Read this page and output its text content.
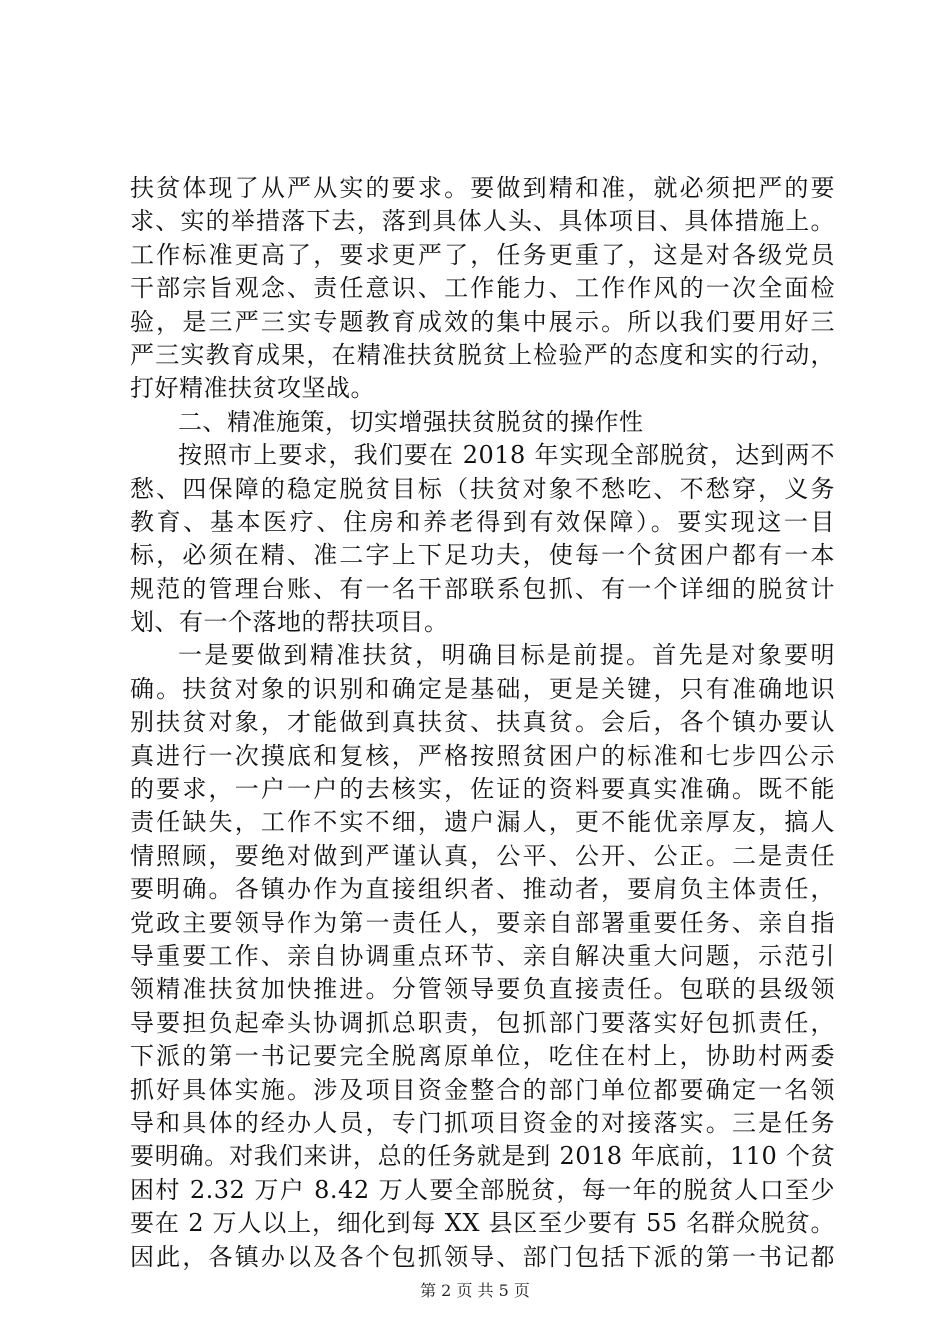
扶贫体现了从严从实的要求。要做到精和准，就必须把严的要
求、实的举措落下去，落到具体人头、具体项目、具体措施上。
工作标准更高了，要求更严了，任务更重了，这是对各级党员
干部宗旨观念、责任意识、工作能力、工作作风的一次全面检
验，是三严三实专题教育成效的集中展示。所以我们要用好三
严三实教育成果，在精准扶贫脱贫上检验严的态度和实的行动，
打好精准扶贫攻坚战。
二、精准施策，切实增强扶贫脱贫的操作性
按照市上要求，我们要在 2018 年实现全部脱贫，达到两不
愁、四保障的稳定脱贫目标（扶贫对象不愁吃、不愁穿，义务
教育、基本医疗、住房和养老得到有效保障）。要实现这一目
标，必须在精、准二字上下足功夫，使每一个贫困户都有一本
规范的管理台账、有一名干部联系包抓、有一个详细的脱贫计
划、有一个落地的帮扶项目。
一是要做到精准扶贫，明确目标是前提。首先是对象要明
确。扶贫对象的识别和确定是基础，更是关键，只有准确地识
别扶贫对象，才能做到真扶贫、扶真贫。会后，各个镇办要认
真进行一次摸底和复核，严格按照贫困户的标准和七步四公示
的要求，一户一户的去核实，佐证的资料要真实准确。既不能
责任缺失，工作不实不细，遗户漏人，更不能优亲厚友，搞人
情照顾，要绝对做到严谨认真，公平、公开、公正。二是责任
要明确。各镇办作为直接组织者、推动者，要肩负主体责任，
党政主要领导作为第一责任人，要亲自部署重要任务、亲自指
导重要工作、亲自协调重点环节、亲自解决重大问题，示范引
领精准扶贫加快推进。分管领导要负直接责任。包联的县级领
导要担负起牵头协调抓总职责，包抓部门要落实好包抓责任，
下派的第一书记要完全脱离原单位，吃住在村上，协助村两委
抓好具体实施。涉及项目资金整合的部门单位都要确定一名领
导和具体的经办人员，专门抓项目资金的对接落实。三是任务
要明确。对我们来讲，总的任务就是到 2018 年底前，110 个贫
困村 2.32 万户 8.42 万人要全部脱贫，每一年的脱贫人口至少
要在 2 万人以上，细化到每 XX 县区至少要有 55 名群众脱贫。
因此，各镇办以及各个包抓领导、部门包括下派的第一书记都
第 2 页 共 5 页
